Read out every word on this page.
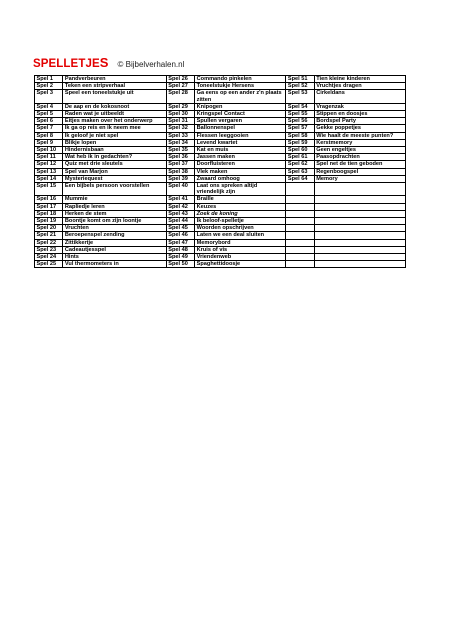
SPELLETJES © Bijbelverhalen.nl
Spel 1	Pandverbeuren	Spel 26	Commando pinkelen	Spel 51	Tien kleine kinderen
Spel 2	Teken een stripverhaal	Spel 27	Toneelstukje Hersens	Spel 52	Vruchtjes dragen
Spel 3	Speel een toneelstukje uit	Spel 28	Ga eens op een ander z'n plaats zitten	Spel 53	Cirkeldans
Spel 4	De aap en de kokosnoot	Spel 29	Knipogen	Spel 54	Vragenzak
Spel 5	Raden wat je uitbeeldt	Spel 30	Kringspel Contact	Spel 55	Stippen en doosjes
Spel 6	Eitjes maken over het onderwerp	Spel 31	Spullen vergaren	Spel 56	Bordspel Party
Spel 7	Ik ga op reis en ik neem mee	Spel 32	Ballonnenspel	Spel 57	Gekke poppetjes
Spel 8	Ik geloof je niet spel	Spel 33	Flessen leeggooien	Spel 58	Wie haalt de meeste punten?
Spel 9	Blikje lopen	Spel 34	Levend kwartet	Spel 59	Kerstmemory
Spel 10	Hindernisbaan	Spel 35	Kat en muis	Spel 60	Geen engeltjes
Spel 11	Wat heb ik in gedachten?	Spel 36	Jassen maken	Spel 61	Paasopdrachten
Spel 12	Quiz met drie sleutels	Spel 37	Doorfluisteren	Spel 62	Spel net de tien geboden
Spel 13	Spel van Marjon	Spel 38	Vlek maken	Spel 63	Regenboogspel
Spel 14	Mysteriequest	Spel 39	Zwaard omhoog	Spel 64	Memory
Spel 15	Een bijbels persoon voorstellen	Spel 40	Laat ons spreken altijd vriendelijk zijn		
Spel 16	Mummie	Spel 41	Braille		
Spel 17	Rapliedje leren	Spel 42	Keuzes		
Spel 18	Herken de stem	Spel 43	Zoek de koning		
Spel 19	Boontje komt om zijn loontje	Spel 44	Ik beloof-spelletje		
Spel 20	Vruchten	Spel 45	Woorden opschrijven		
Spel 21	Beroepenspel zending	Spel 46	Laten we een deal sluiten		
Spel 22	Zittikkertje	Spel 47	Memorybord		
Spel 23	Cadeautjesspel	Spel 48	Kruis of vis		
Spel 24	Hints	Spel 49	Vriendenweb		
Spel 25	Vul thermometers in	Spel 50	Spaghettidoosje		
